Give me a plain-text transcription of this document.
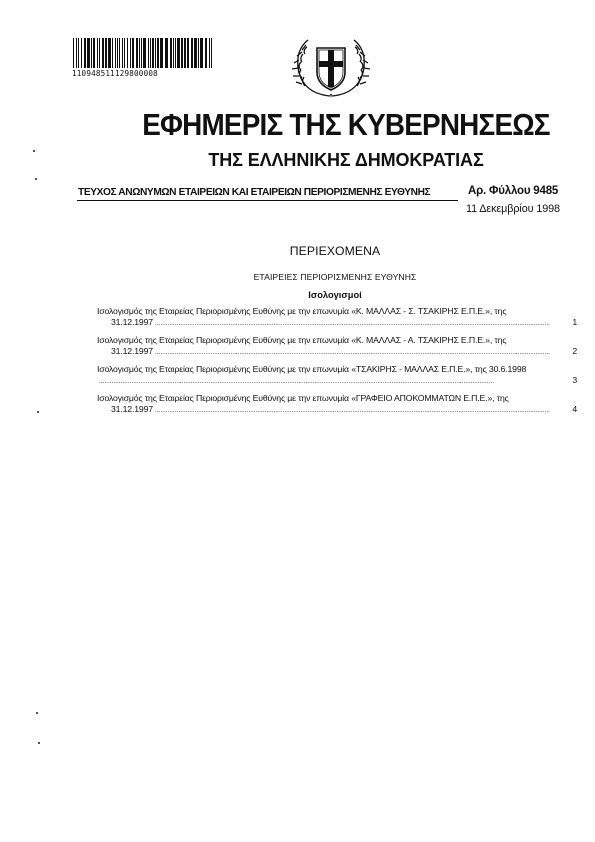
110948511129800008
ΕΦΗΜΕΡΙΣ ΤΗΣ ΚΥΒΕΡΝΗΣΕΩΣ
ΤΗΣ ΕΛΛΗΝΙΚΗΣ ΔΗΜΟΚΡΑΤΙΑΣ
ΤΕΥΧΟΣ ΑΝΩΝΥΜΩΝ ΕΤΑΙΡΕΙΩΝ ΚΑΙ ΕΤΑΙΡΕΙΩΝ ΠΕΡΙΟΡΙΣΜΕΝΗΣ ΕΥΘΥΝΗΣ	Αρ. Φύλλου 9485
11 Δεκεμβρίου 1998
ΠΕΡΙΕΧΟΜΕΝΑ
ΕΤΑΙΡΕΙΕΣ ΠΕΡΙΟΡΙΣΜΕΝΗΣ ΕΥΘΥΝΗΣ
Ισολογισμοί
Ισολογισμός της Εταιρείας Περιορισμένης Ευθύνης με την επωνυμία «Κ. ΜΑΛΛΑΣ - Σ. ΤΣΑΚΙΡΗΣ Ε.Π.Ε.», της
31.12.1997 ............................................................................................................................................................................................................................	1
Ισολογισμός της Εταιρείας Περιορισμένης Ευθύνης με την επωνυμία «Κ. ΜΑΛΛΑΣ - Α. ΤΣΑΚΙΡΗΣ Ε.Π.Ε.», της
31.12.1997 ............................................................................................................................................................................................................................	2
Ισολογισμός της Εταιρείας Περιορισμένης Ευθύνης με την επωνυμία «ΤΣΑΚΙΡΗΣ - ΜΑΛΛΑΣ Ε.Π.Ε.», της 30.6.1998
............................................................................................................................................................................................................................	3
Ισολογισμός της Εταιρείας Περιορισμένης Ευθύνης με την επωνυμία «ΓΡΑΦΕΙΟ ΑΠΟΚΟΜΜΑΤΩΝ Ε.Π.Ε.», της
31.12.1997 ............................................................................................................................................................................................................................	4
